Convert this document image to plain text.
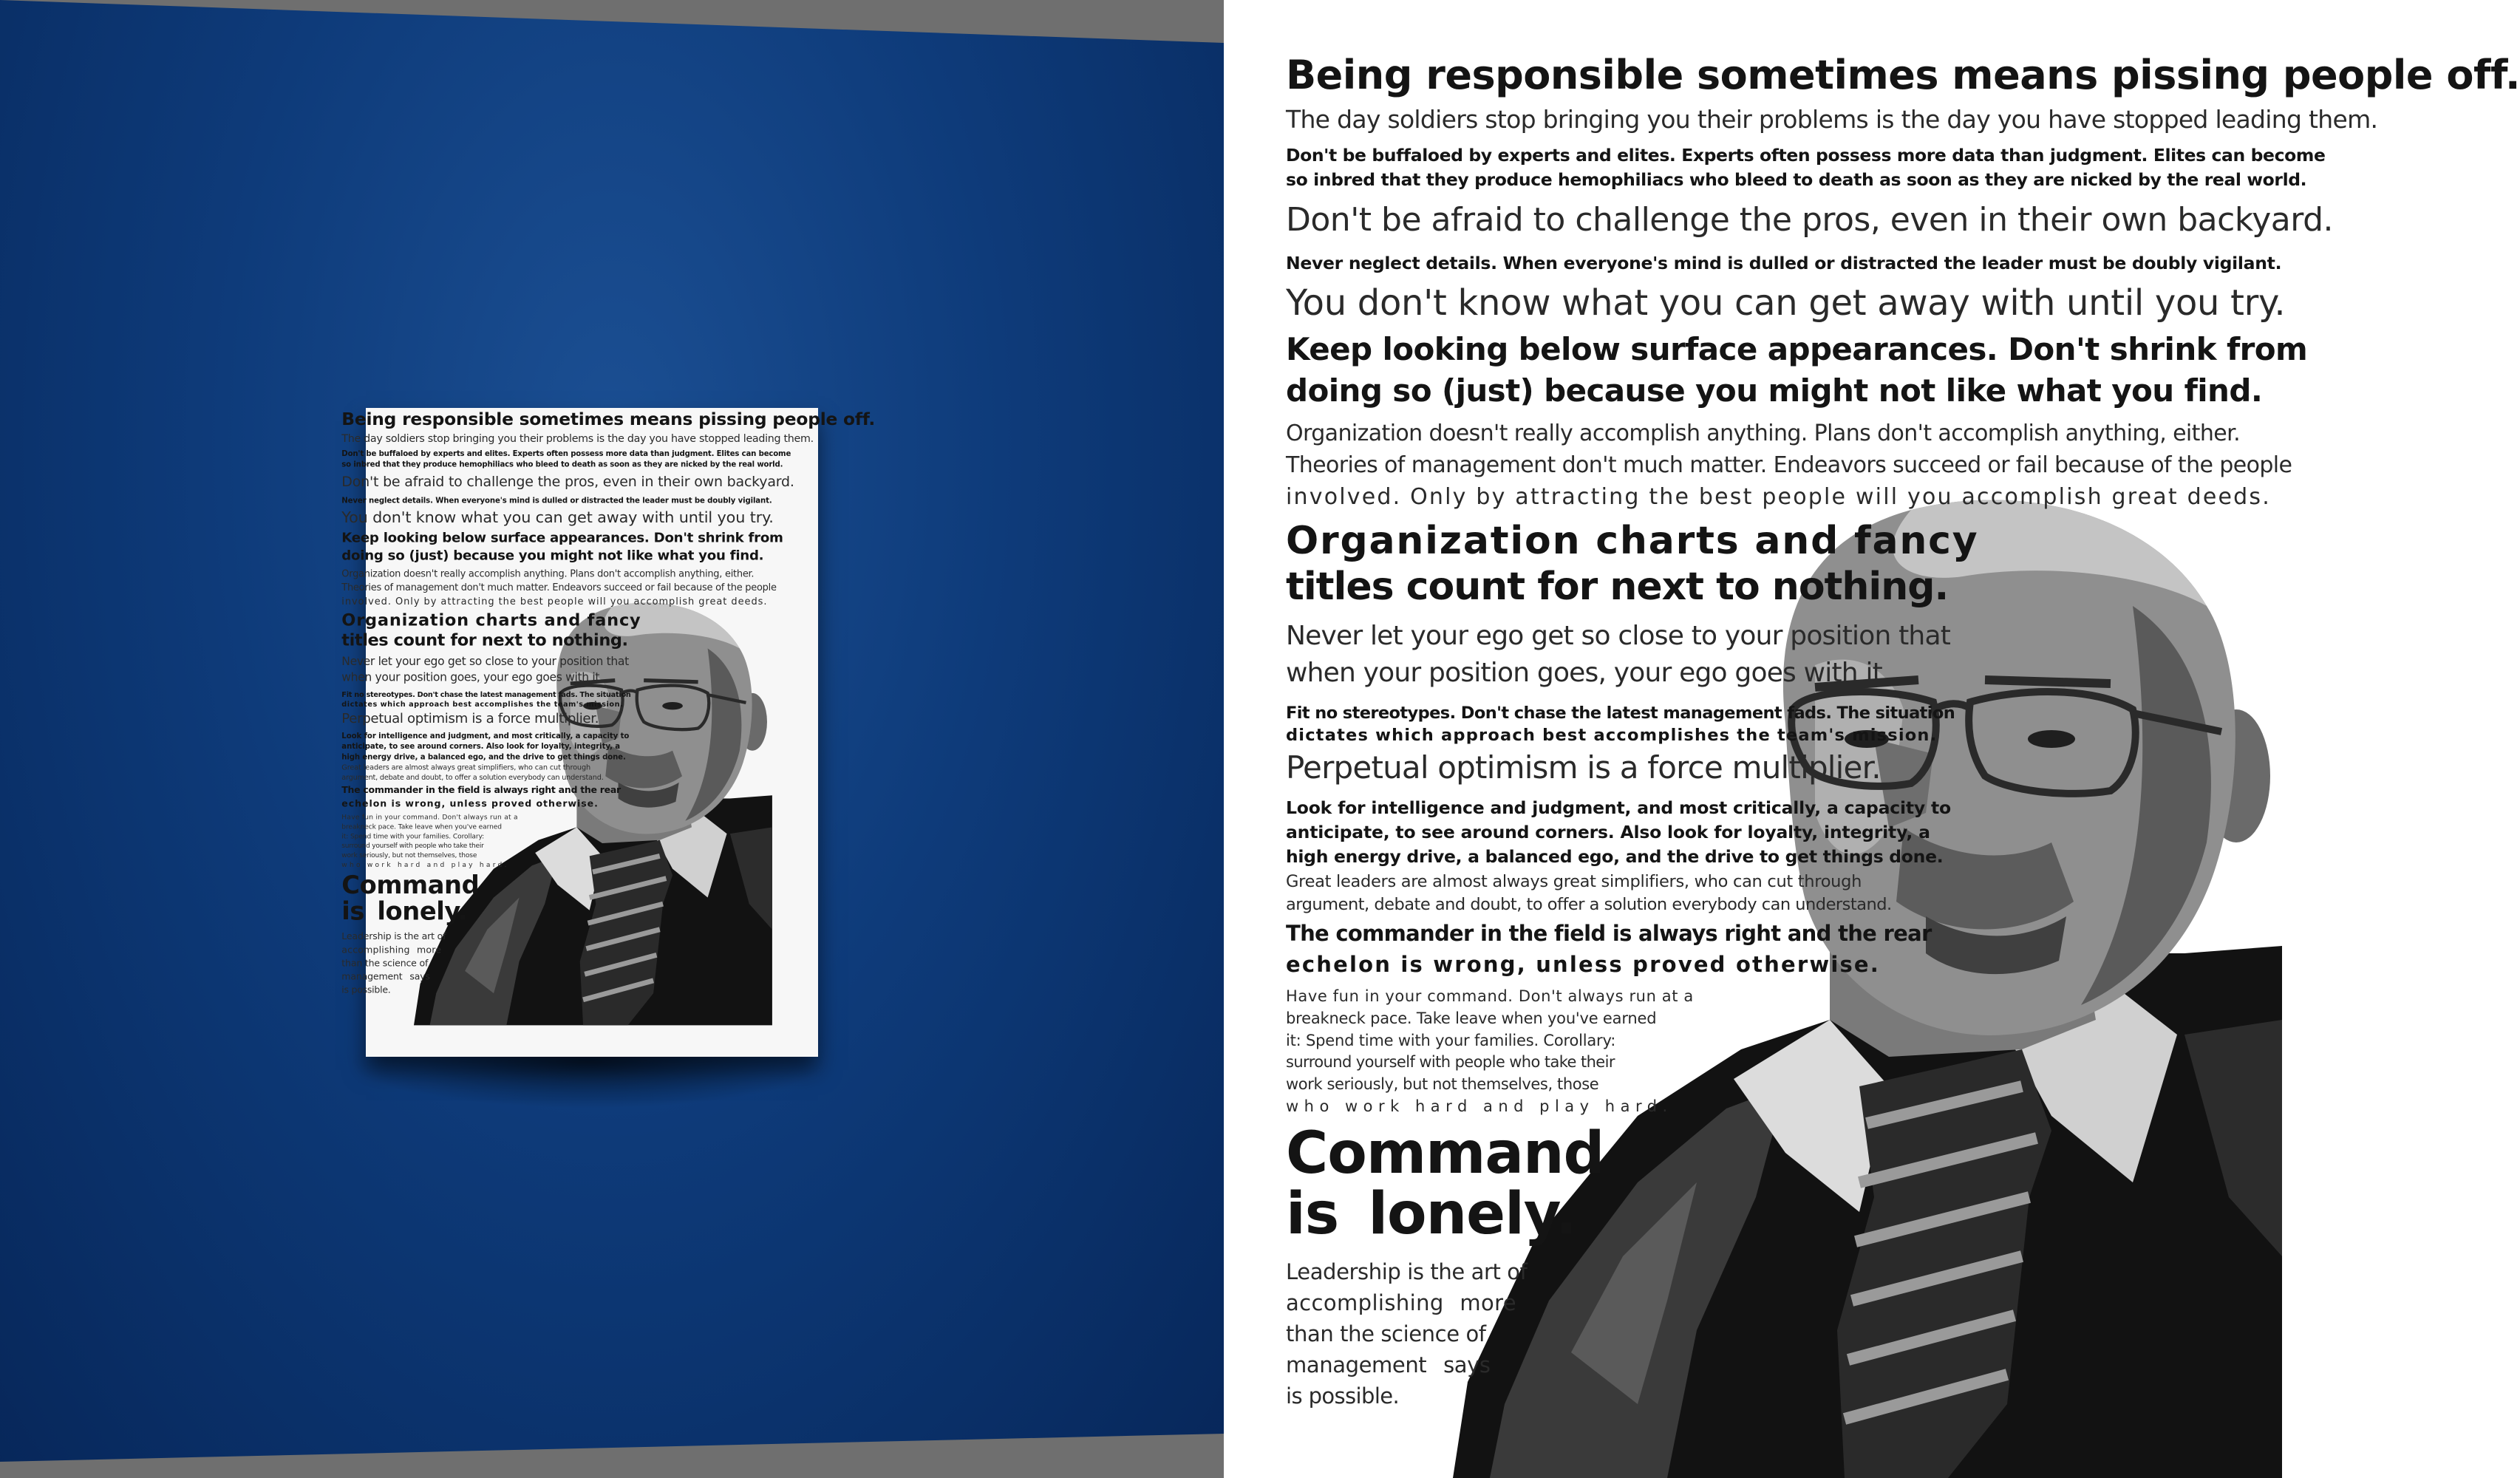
Being responsible sometimes means pissing people off.

The day soldiers stop bringing you their problems is the day you have stopped leading them.

Don't be buffaloed by experts and elites. Experts often possess more data than judgment. Elites can become

so inbred that they produce hemophiliacs who bleed to death as soon as they are nicked by the real world.

Don't be afraid to challenge the pros, even in their own backyard.

Never neglect details. When everyone's mind is dulled or distracted the leader must be doubly vigilant.

You don't know what you can get away with until you try.

Keep looking below surface appearances. Don't shrink from

doing so (just) because you might not like what you find.

Organization doesn't really accomplish anything. Plans don't accomplish anything, either.

Theories of management don't much matter. Endeavors succeed or fail because of the people

involved. Only by attracting the best people will you accomplish great deeds.

Organization charts and fancy

titles count for next to nothing.

Never let your ego get so close to your position that

when your position goes, your ego goes with it.

Fit no stereotypes. Don't chase the latest management fads. The situation

dictates which approach best accomplishes the team's mission.

Perpetual optimism is a force multiplier.

Look for intelligence and judgment, and most critically, a capacity to

anticipate, to see around corners. Also look for loyalty, integrity, a

high energy drive, a balanced ego, and the drive to get things done.

Great leaders are almost always great simplifiers, who can cut through

argument, debate and doubt, to offer a solution everybody can understand.

The commander in the field is always right and the rear

echelon is wrong, unless proved otherwise.

Have fun in your command. Don't always run at a

breakneck pace. Take leave when you've earned

it: Spend time with your families. Corollary:

surround yourself with people who take their

work seriously, but not themselves, those

who work hard and play hard.

Command

is lonely.

Leadership is the art of

accomplishing more

than the science of

management says

is possible.

Being responsible sometimes means pissing people off.

The day soldiers stop bringing you their problems is the day you have stopped leading them.

Don't be buffaloed by experts and elites. Experts often possess more data than judgment. Elites can become

so inbred that they produce hemophiliacs who bleed to death as soon as they are nicked by the real world.

Don't be afraid to challenge the pros, even in their own backyard.

Never neglect details. When everyone's mind is dulled or distracted the leader must be doubly vigilant.

You don't know what you can get away with until you try.

Keep looking below surface appearances. Don't shrink from

doing so (just) because you might not like what you find.

Organization doesn't really accomplish anything. Plans don't accomplish anything, either.

Theories of management don't much matter. Endeavors succeed or fail because of the people

involved. Only by attracting the best people will you accomplish great deeds.

Organization charts and fancy

titles count for next to nothing.

Never let your ego get so close to your position that

when your position goes, your ego goes with it.

Fit no stereotypes. Don't chase the latest management fads. The situation

dictates which approach best accomplishes the team's mission.

Perpetual optimism is a force multiplier.

Look for intelligence and judgment, and most critically, a capacity to

anticipate, to see around corners. Also look for loyalty, integrity, a

high energy drive, a balanced ego, and the drive to get things done.

Great leaders are almost always great simplifiers, who can cut through

argument, debate and doubt, to offer a solution everybody can understand.

The commander in the field is always right and the rear

echelon is wrong, unless proved otherwise.

Have fun in your command. Don't always run at a

breakneck pace. Take leave when you've earned

it: Spend time with your families. Corollary:

surround yourself with people who take their

work seriously, but not themselves, those

who work hard and play hard.

Command

is lonely.

Leadership is the art of

accomplishing more

than the science of

management says

is possible.
